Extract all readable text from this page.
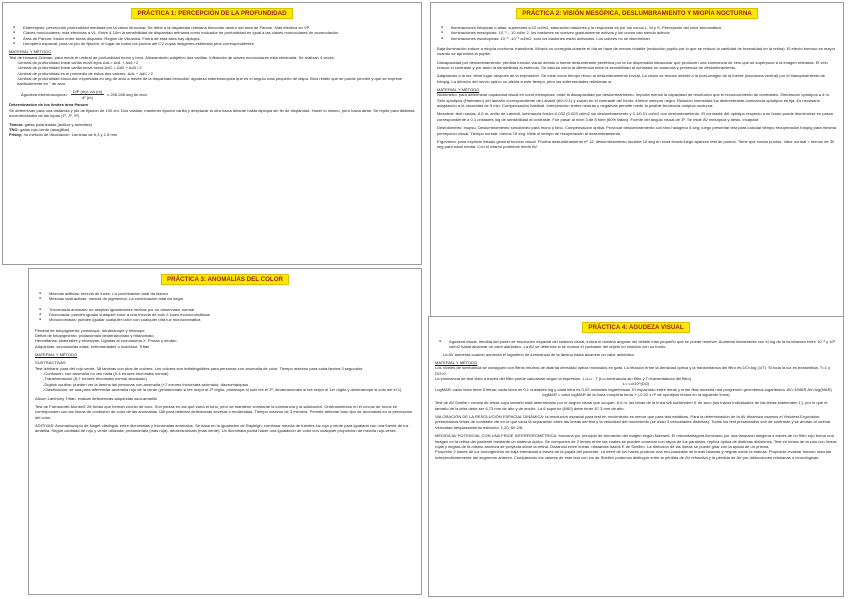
PRÁCTICA 1: PERCEPCIÓN DE LA PROFUNDIDAD
● Estereopsis: percepción profundidad mediada por la visión binocular. Se debe a la disparidad retiniana binocular dentro del área de Panum. Más efectiva en VP.
● Claves monoculares: más efectivas a VL. Entre 4-10m la sensibilidad de disparidad retiniana como indicador de profundidad es igual a las claves monoculares de acomodación.
● Área de Panum: fusión entre áreas dispares. Región de Vilcanica. Fuera de esta área hay diplopía.
● Horóptero espacial: para un pto de fijación, el lugar de todos los puntos del CV cuyas imágenes estimulan ptos correspondientes
MATERIAL Y MÉTODO
Test de Howard-Dolman: para medir el umbral de profundidad mono y bino. Alineamiento subjetivo dos varillas. Influencia de claves monoculares está eliminada. Se realizan 4 veces
-Umbral de profundidad lineal varilla móvil lejos ΔdL= Δd1 + Δd4 / 2
-Umbral de profundidad lineal varilla móvil cerca ΔdC = Δd2 + Δd3 / 2
-Umbral de profundidad es el promedio de estos dos valores. ΔdL + ΔdC / 2
-Umbral de profundidad binocular: expresada en seg de arco a través de la disparidad binocular: agudeza estereoscópica que es el ángulo más pequeño de dispa. Bino relativ que se puede percibir y que se exprese habitualmente en " de arco
Agudeza estereoscópica= $\frac{\text{DIP (m)× Δd (m)}}{\text{d² (m)}}$ x 206,265 seg de arco
Determinación de los límites área Panum
Se determinan para una distancia y pto de fijación de 100 cm. Dos varillas; mantener fijación varilla y desplazar la otra hacia delante hasta diplopia sin fin de disparidad. Hacer lo mismo, pero hacia atrás. Se repite para distintas excentricidades de las lupas (1º, 3º, 5º)
Titmus: gafas polarizadas (anillos y animales)
TNO: gafas rojo-verde (anaglifos)
Frisby: no método de disociación. Láminas de 6,3 y 1,5 mm
PRÁCTICA 2: VISIÓN MESÓPICA, DESLUMBRAMIENTO Y MIOPÍA NOCTURNA
● Iluminaciones fotópicas o altas: superiores a 10 cd/m2, saturación bastones y la respuesta es por los conos L, M y S. Percepción del color tricromática.
● Iluminaciones mesópicas: 10⁻³ – 10 cd/m 2, los bastones se vuelven gradualmente activos y los conos van siendo activos
● Iluminaciones escotópicas: 10⁻⁶ -10⁻³ cd/m2, solo los bastones están activados. Los colores no se discriminan
Baja iluminación induce a miopía nocturna: transitoria. Miopía no corregida durante el día se hace de menos notable (reducción pupila por lo que se reduce la cantidad de borrosidad en la retina). El efecto borroso es mayor cuando se aproxima la pupila.
Discapacidad por deslumbramiento: pérdida función visual debido a fuente deslumbrante periférica por la luz dispersada intraocular que producen una luminancia de velo que se superpone a la imagen retiniana. El velo reduce el contraste y por tanto la sensibilidad al estímulo. Se calcula como la diferencia entre la sensibilidad al contraste en ausencia y presencia de deslumbramiento.
Adaptación a la luz: tiene lugar después de la exposición. Se mide como tiempo recuo al deslumbramiento foveal. La visión se reduce debido a la post-imagen de la fuente (escotoma central) por el blanqueamiento de fotopig. La difusión del nervio óptico no afecta a este tiempo, pero las enfermedades retinianas sí.
MATERIAL Y MÉTODO
Nictómetro: para determinar capacidad visual en cond mesópicas; mide la discapacidad por deslumbramiento. Importa menos la capacidad de resolución que el reconocimiento de contrastes. Simulación optotipos a 4 m. Seis optotipos (Hartmann) del tamaño correspondiente de Landolt (AV=0.1) y varían en el contraste del fondo; interior siempre negro. Relación intensidad luz deslumbrante-luminancia optotipos es fija. Es necesario adaptación a la oscuridad de 5 min. Compensación habitual. Interposición lentes neutras y negativas permite medir la posible tendencia miópica nocturna.
Mesotest: test ruedas. A 5 m, anillo de Landolt, luminancia fondo=0.032 (0.003 cd/m2 sin deslumbramiento y 0.1/0.01 cd/m2 con deslumbramiento. El contraste del optotipo respecto a su fondo puede disminuirse en pasos correspondiente a 0,1 unidades log de sensibilidad al contraste. Fue pasar al nivel 3 de 5 bien (60% fallan). Fuente del ángulo visual de 3º. Se mide AV mesópica y deslu. incapacit
Desfotómetro: Inopsu. Deslumbramiento simultáneo para mono y bino. Compensación óptica. Provocar deslumbramiento con faro halógeno 5 seg; luego presentar test para calcular tiempo recuperación fotopig para mínima percepción visual. Tiempo normal: menos 15 seg. Mide el tiempo de recuperación al deslumbramiento.
Ergovision: para explorar estado general función visual. Prueba deslumbramiento nº 12; deslumbramiento durante 10 seg en zona foveal luego aparece test de puntos. Tiene que contar puntos. Valor normal = menos de 30 seg para edad media. Con el mismo podemos medir AV
PRÁCTICA 3: ANOMALÍAS DEL COLOR
● Mezclas aditivas: mezcla de luces. La combinación total da blanco
● Mezclas sustractivas: mezcla de pigmentos. La combinación total da negro
● Tricromacia anómala: no aceptan igualaciones hechas por un observador normal
● Dicromacia: pueden igualar cualquier color a una mezcla de solo 2 luces monocromáticas
● Monocromacia: pueden igualar cualquier color con cualquier otra luz monocromática
Pérdida de fotopigmento: protanope, deuteranope y tritanope
Déficit de fotopigmento: protanómalo deuteranómalo y tritanómalo
Hereditarias: bilaterales y recesivas. Ligadas al cromosoma X. Protan y deutan
Adquiridas: secundarias edad, enfermedades o toxicidad. Tritán
MATERIAL Y MÉTODO
SUSTRACTIVAS
Test Ishihara: para def rojo-verde. 38 láminas con ptos de colores. Los colores son indistinguibles para personas con anomalía de color. Tiempo máximo para cada lámina 3 segundos.
-Confusión: con anomalía no ves nada (0-4 errores tricrómata normal)
-Transformación (5-7 errores tricrómata normal dewisado)
-Dígitos ocultos: pueden ver la lámina las personas con anomalía (+7 errores tricrómata anómalo): discromatopsia
-Clasificación: se usa para diferenciar anomalía rojo de la verde (protanómalo si lee mejor el 2º dígito, protanope si solo lee el 2º, deuteranómalo si lee mejor el 1er dígito y deuteranope si solo lee el 1)
Album Lanthony Tritán: evaluar deficiencias adquiridas azul-amarillo
Test de Farnsworth-Munsell: 28 fichas que forman círculo de tono. Son piezas en las que varía el tono, pero se mantiene constante la luminancia y la saturación. Ordenamientos en el círculo de tonos se corresponden con las líneas de confusión de color de las anomalías. Útil para detectar deficiencias severas o moderadas. Tiempo máximo de 3 minutos. Permite detectar todo tipo de anomalías en la percepción del color.
ADITIVAS: Anomaloscopio de Nagel: distinguir entre dicrómatas y tricrómatas anómalos. Se basa en la igualación de Rayleigh: combinar mezcla de fuentes luz roja y verde para igualarla con una fuente de luz amarilla. Según cantidad de rojo y verde utilizada: protanómalo (más roja), deuteranómalo (más verde). Un dicrómata podrá hacer una igualación de color con cualquier proporción de mezcla rojo-verde.
PRÁCTICA 4: AGUDEZA VISUAL
● Agudeza visual: medida del poder de resolución espacial del sistema visual; indica el tamaño angular del detalle más pequeño que se puede resolver. Aumenta linealmente con el log de la luminancia entre 10⁻³ y 10² cd/m2 hasta alcanzar un valor asintótico. La AV se deteriora si se reduce el contraste del objeto en relación con su fondo.
La AV aumenta cuando aumenta el logaritmo de luminancia de la lámina hasta alcanzar un valor asintótico.
MATERIAL Y MÉTODO
Los niveles de luminancia se consiguen con filtros neutros de distinta densidad óptica montados en gafa. La relación entre la densidad óptica y la transmitancia del filtro es DO=log (1/T). Si toda la luz es transmitida, T=1 y DO=0.
La luminancia de test visto a través del filtro puede calcularse según la expresión: L=Lo · T (Lo=luminancia sin filtro y T=transmitancia del filtro)
L= Lo/10^(DO)
LogMAR: cada línea tiene 5 letras; cada línea es 0,1 unidades log y cada letra es 0,02 unidades logarítmicas. El espaciado entre letras y entre filas muestra una progresión geométrica logarítmica. AV=1/MAR AV=log(MAR)
logMAR = valor logMAR de la línea completa leída + (-0,02 x nº de optotipos leídos en la siguiente línea)
Test de AV Snellen: consta de letras cuyo tamaño está determinado por el ángulo visual que ocupan. A 6 m, las letras de la línea 6/6 subtienden 5' de arco (los trazos individuales de las letras subtienden 1'), por lo que el tamaño de la letra debe ser 8,73 mm de alto y de ancho. La 6 superior (6/60) debe tener 87,3 mm de alto.
VALORACIÓN DE LA RESOLUCIÓN ESPACIAL DINÁMICA: la resolución espacial para test en movimiento es menor que para test estáticos. Para la determinación de la AV dinámica usamos el Visiotest-Ergovision: presentamos letras de contraste cte en lo que varía la separación entre las líneas del test y la velocidad del movimiento (se usan 3 velocidades distintas). Todos los test presentados son de contraste y se anotan al umbral. Velocidad desplazamiento estímulo: 1,20, 60 2/8.
MEDIDA AV POTENCIAL CON UNA FRIGE INTERFEROMÉTRICA: funciona por principio de formación del mágen según Maxwell. El microdiafragma iluminado por una lámpara halógena a través de un filtro rojo forma una imagen en la retina del paciente mediante un sistema óptico. Se componen de 2 lentes entre las cuales se pueden conectar con rayos de luz paralelos, réplica óptica de distintas divisiones. Test en forma de círculo con líneas rojas y negras de la mismo anchura se proyecta sobre la retina. Distancia entre líneas =distancia trazos E de Snellen. La dirección de las líneas se puede girar con la ayuda de un prisma.
Proyector 2 haces de luz homogéneos de baja intensidad a través de la pupila del paciente. La interf de los haces produce una red cuadrada de líneas blancas y negras sobre la mácula. Propósito: evaluar función macular independientemente del segmento anterior. Comparando los valores de este test con los de Snellen podemos distinguir entre la pérdida de AV refractiva y la pérdida de AV por disfunciones retinianas o neurológicas.
